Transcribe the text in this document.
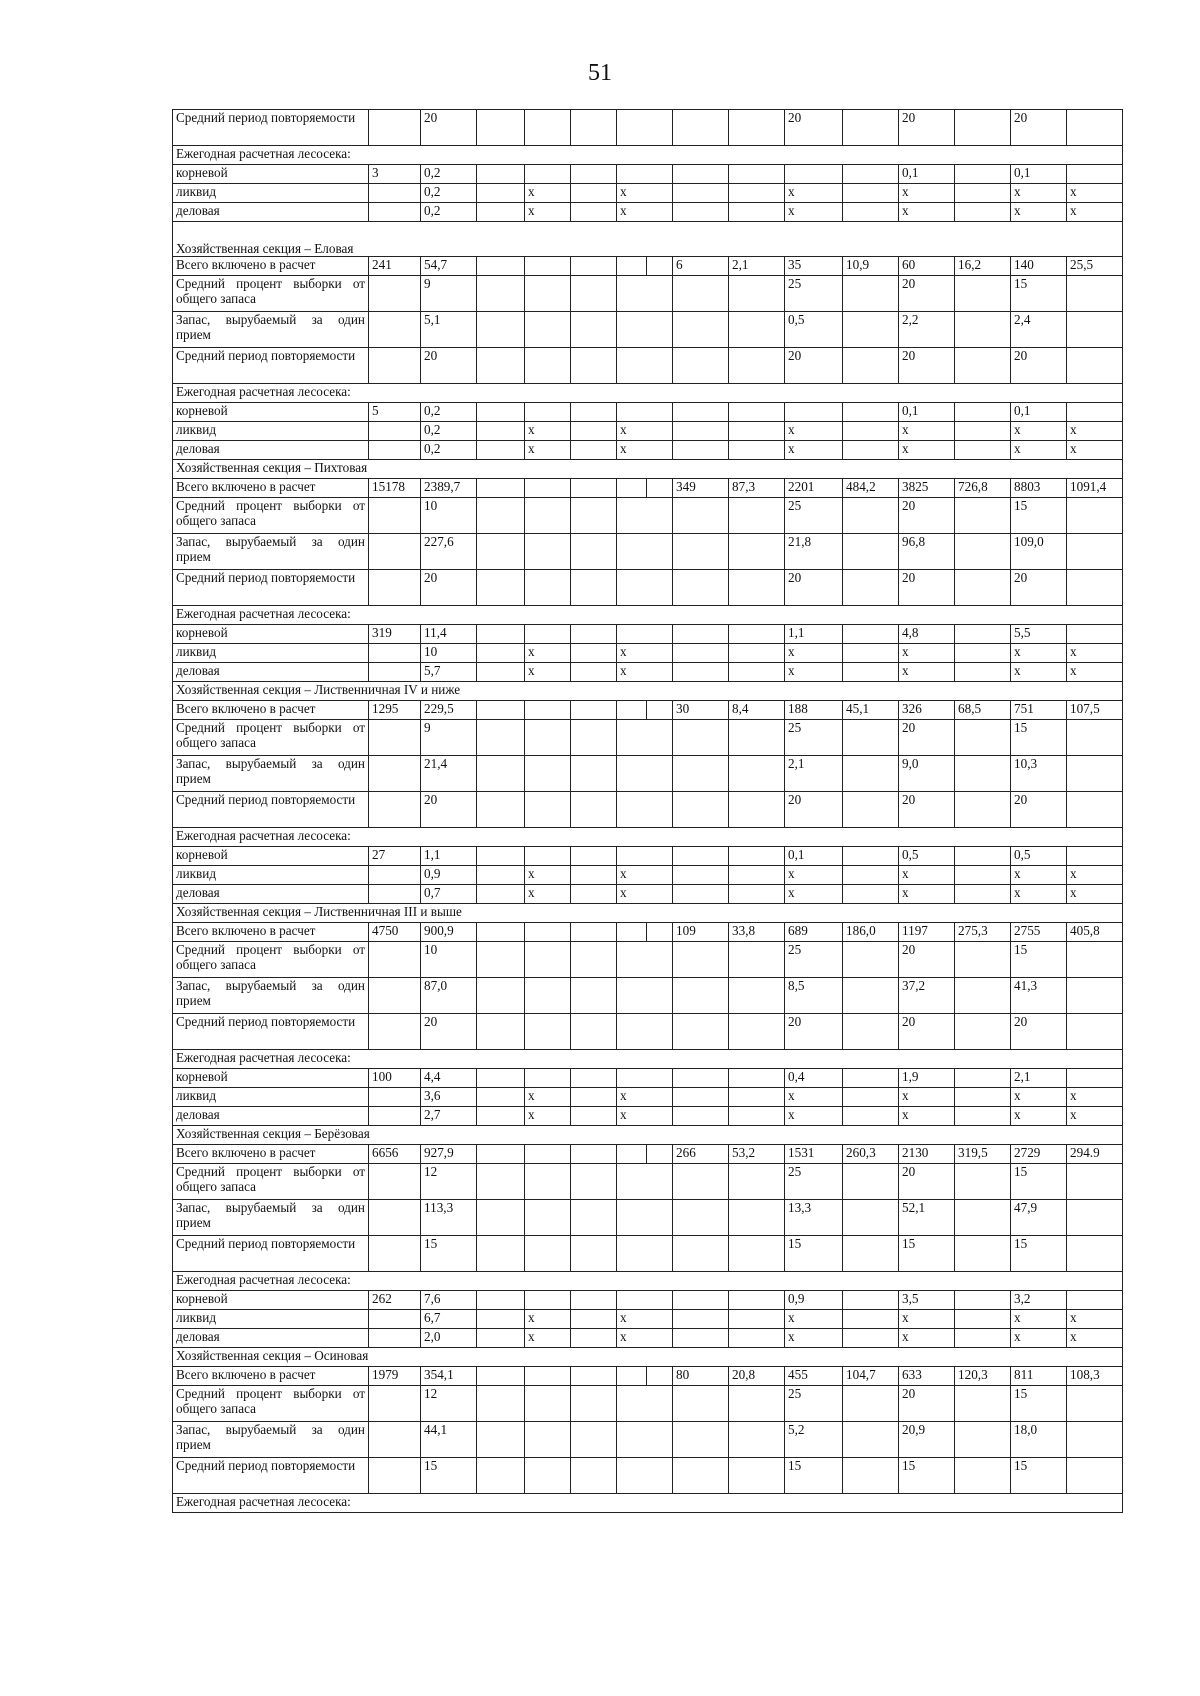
51
Средний период повторяемости		20								20		20		20	
Ежегодная расчетная лесосека:															
корневой	3	0,2										0,1		0,1	
ликвид		0,2		x		x				x		x		x	x
деловая		0,2		x		x				x		x		x	x
Хозяйственная секция – Еловая															
Всего включено в расчет	241	54,7						6	2,1	35	10,9	60	16,2	140	25,5
Средний процент выборки от общего запаса		9								25		20		15	
Запас, вырубаемый за один прием		5,1								0,5		2,2		2,4	
Средний период повторяемости		20								20		20		20	
Ежегодная расчетная лесосека:															
корневой	5	0,2										0,1		0,1	
ликвид		0,2		x		x				x		x		x	x
деловая		0,2		x		x				x		x		x	x
Хозяйственная секция – Пихтовая															
Всего включено в расчет	15178	2389,7						349	87,3	2201	484,2	3825	726,8	8803	1091,4
Средний процент выборки от общего запаса		10								25		20		15	
Запас, вырубаемый за один прием		227,6								21,8		96,8		109,0	
Средний период повторяемости		20								20		20		20	
Ежегодная расчетная лесосека:															
корневой	319	11,4								1,1		4,8		5,5	
ликвид		10		x		x				x		x		x	x
деловая		5,7		x		x				x		x		x	x
Хозяйственная секция – Лиственничная IV и ниже															
Всего включено в расчет	1295	229,5						30	8,4	188	45,1	326	68,5	751	107,5
Средний процент выборки от общего запаса		9								25		20		15	
Запас, вырубаемый за один прием		21,4								2,1		9,0		10,3	
Средний период повторяемости		20								20		20		20	
Ежегодная расчетная лесосека:															
корневой	27	1,1								0,1		0,5		0,5	
ликвид		0,9		x		x				x		x		x	x
деловая		0,7		x		x				x		x		x	x
Хозяйственная секция – Лиственничная III и выше															
Всего включено в расчет	4750	900,9						109	33,8	689	186,0	1197	275,3	2755	405,8
Средний процент выборки от общего запаса		10								25		20		15	
Запас, вырубаемый за один прием		87,0								8,5		37,2		41,3	
Средний период повторяемости		20								20		20		20	
Ежегодная расчетная лесосека:															
корневой	100	4,4								0,4		1,9		2,1	
ликвид		3,6		x		x				x		x		x	x
деловая		2,7		x		x				x		x		x	x
Хозяйственная секция – Берёзовая															
Всего включено в расчет	6656	927,9						266	53,2	1531	260,3	2130	319,5	2729	294.9
Средний процент выборки от общего запаса		12								25		20		15	
Запас, вырубаемый за один прием		113,3								13,3		52,1		47,9	
Средний период повторяемости		15								15		15		15	
Ежегодная расчетная лесосека:															
корневой	262	7,6								0,9		3,5		3,2	
ликвид		6,7		x		x				x		x		x	x
деловая		2,0		x		x				x		x		x	x
Хозяйственная секция – Осиновая															
Всего включено в расчет	1979	354,1						80	20,8	455	104,7	633	120,3	811	108,3
Средний процент выборки от общего запаса		12								25		20		15	
Запас, вырубаемый за один прием		44,1								5,2		20,9		18,0	
Средний период повторяемости		15								15		15		15	
Ежегодная расчетная лесосека:															
